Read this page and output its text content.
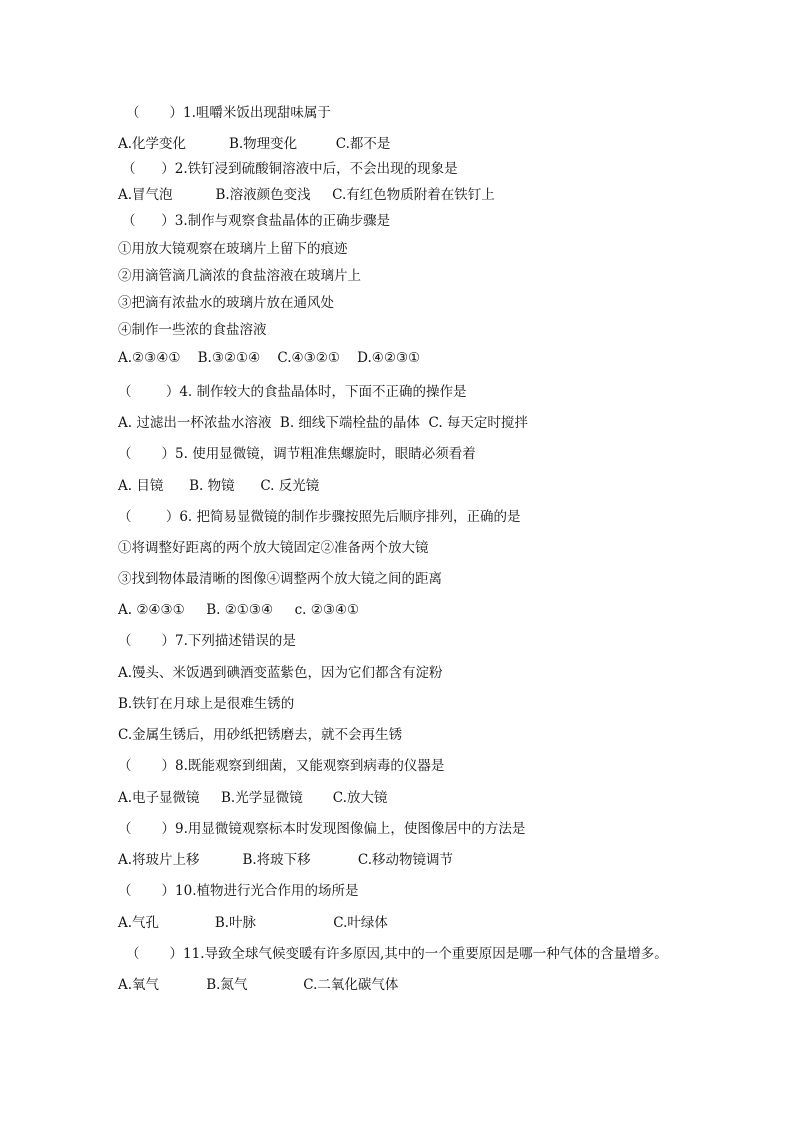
（       ）1.咀嚼米饭出现甜味属于
A.化学变化          B.物理变化         C.都不是
（      ）2.铁钉浸到硫酸铜溶液中后，不会出现的现象是
A.冒气泡          B.溶液颜色变浅     C.有红色物质附着在铁钉上
（      ）3.制作与观察食盐晶体的正确步骤是
①用放大镜观察在玻璃片上留下的痕迹
②用滴管滴几滴浓的食盐溶液在玻璃片上
③把滴有浓盐水的玻璃片放在通风处
④制作一些浓的食盐溶液
A.②③④①    B.③②①④    C.④③②①    D.④②③①
（        ）4. 制作较大的食盐晶体时，下面不正确的操作是
A. 过滤出一杯浓盐水溶液  B. 细线下端栓盐的晶体  C. 每天定时搅拌
（       ）5. 使用显微镜，调节粗准焦螺旋时，眼睛必须看着
A. 目镜      B. 物镜      C. 反光镜
（        ）6. 把简易显微镜的制作步骤按照先后顺序排列，正确的是
①将调整好距离的两个放大镜固定②准备两个放大镜
③找到物体最清晰的图像④调整两个放大镜之间的距离
A. ②④③①     B. ②①③④     c. ②③④①
（       ）7.下列描述错误的是
A.馒头、米饭遇到碘酒变蓝紫色，因为它们都含有淀粉
B.铁钉在月球上是很难生锈的
C.金属生锈后，用砂纸把锈磨去，就不会再生锈
（       ）8.既能观察到细菌，又能观察到病毒的仪器是
A.电子显微镜     B.光学显微镜       C.放大镜
（       ）9.用显微镜观察标本时发现图像偏上，使图像居中的方法是
A.将玻片上移          B.将玻下移           C.移动物镜调节
（       ）10.植物进行光合作用的场所是
A.气孔             B.叶脉                  C.叶绿体
（       ）11.导致全球气候变暖有许多原因,其中的一个重要原因是哪一种气体的含量增多。
A.氧气           B.氮气             C.二氧化碳气体
